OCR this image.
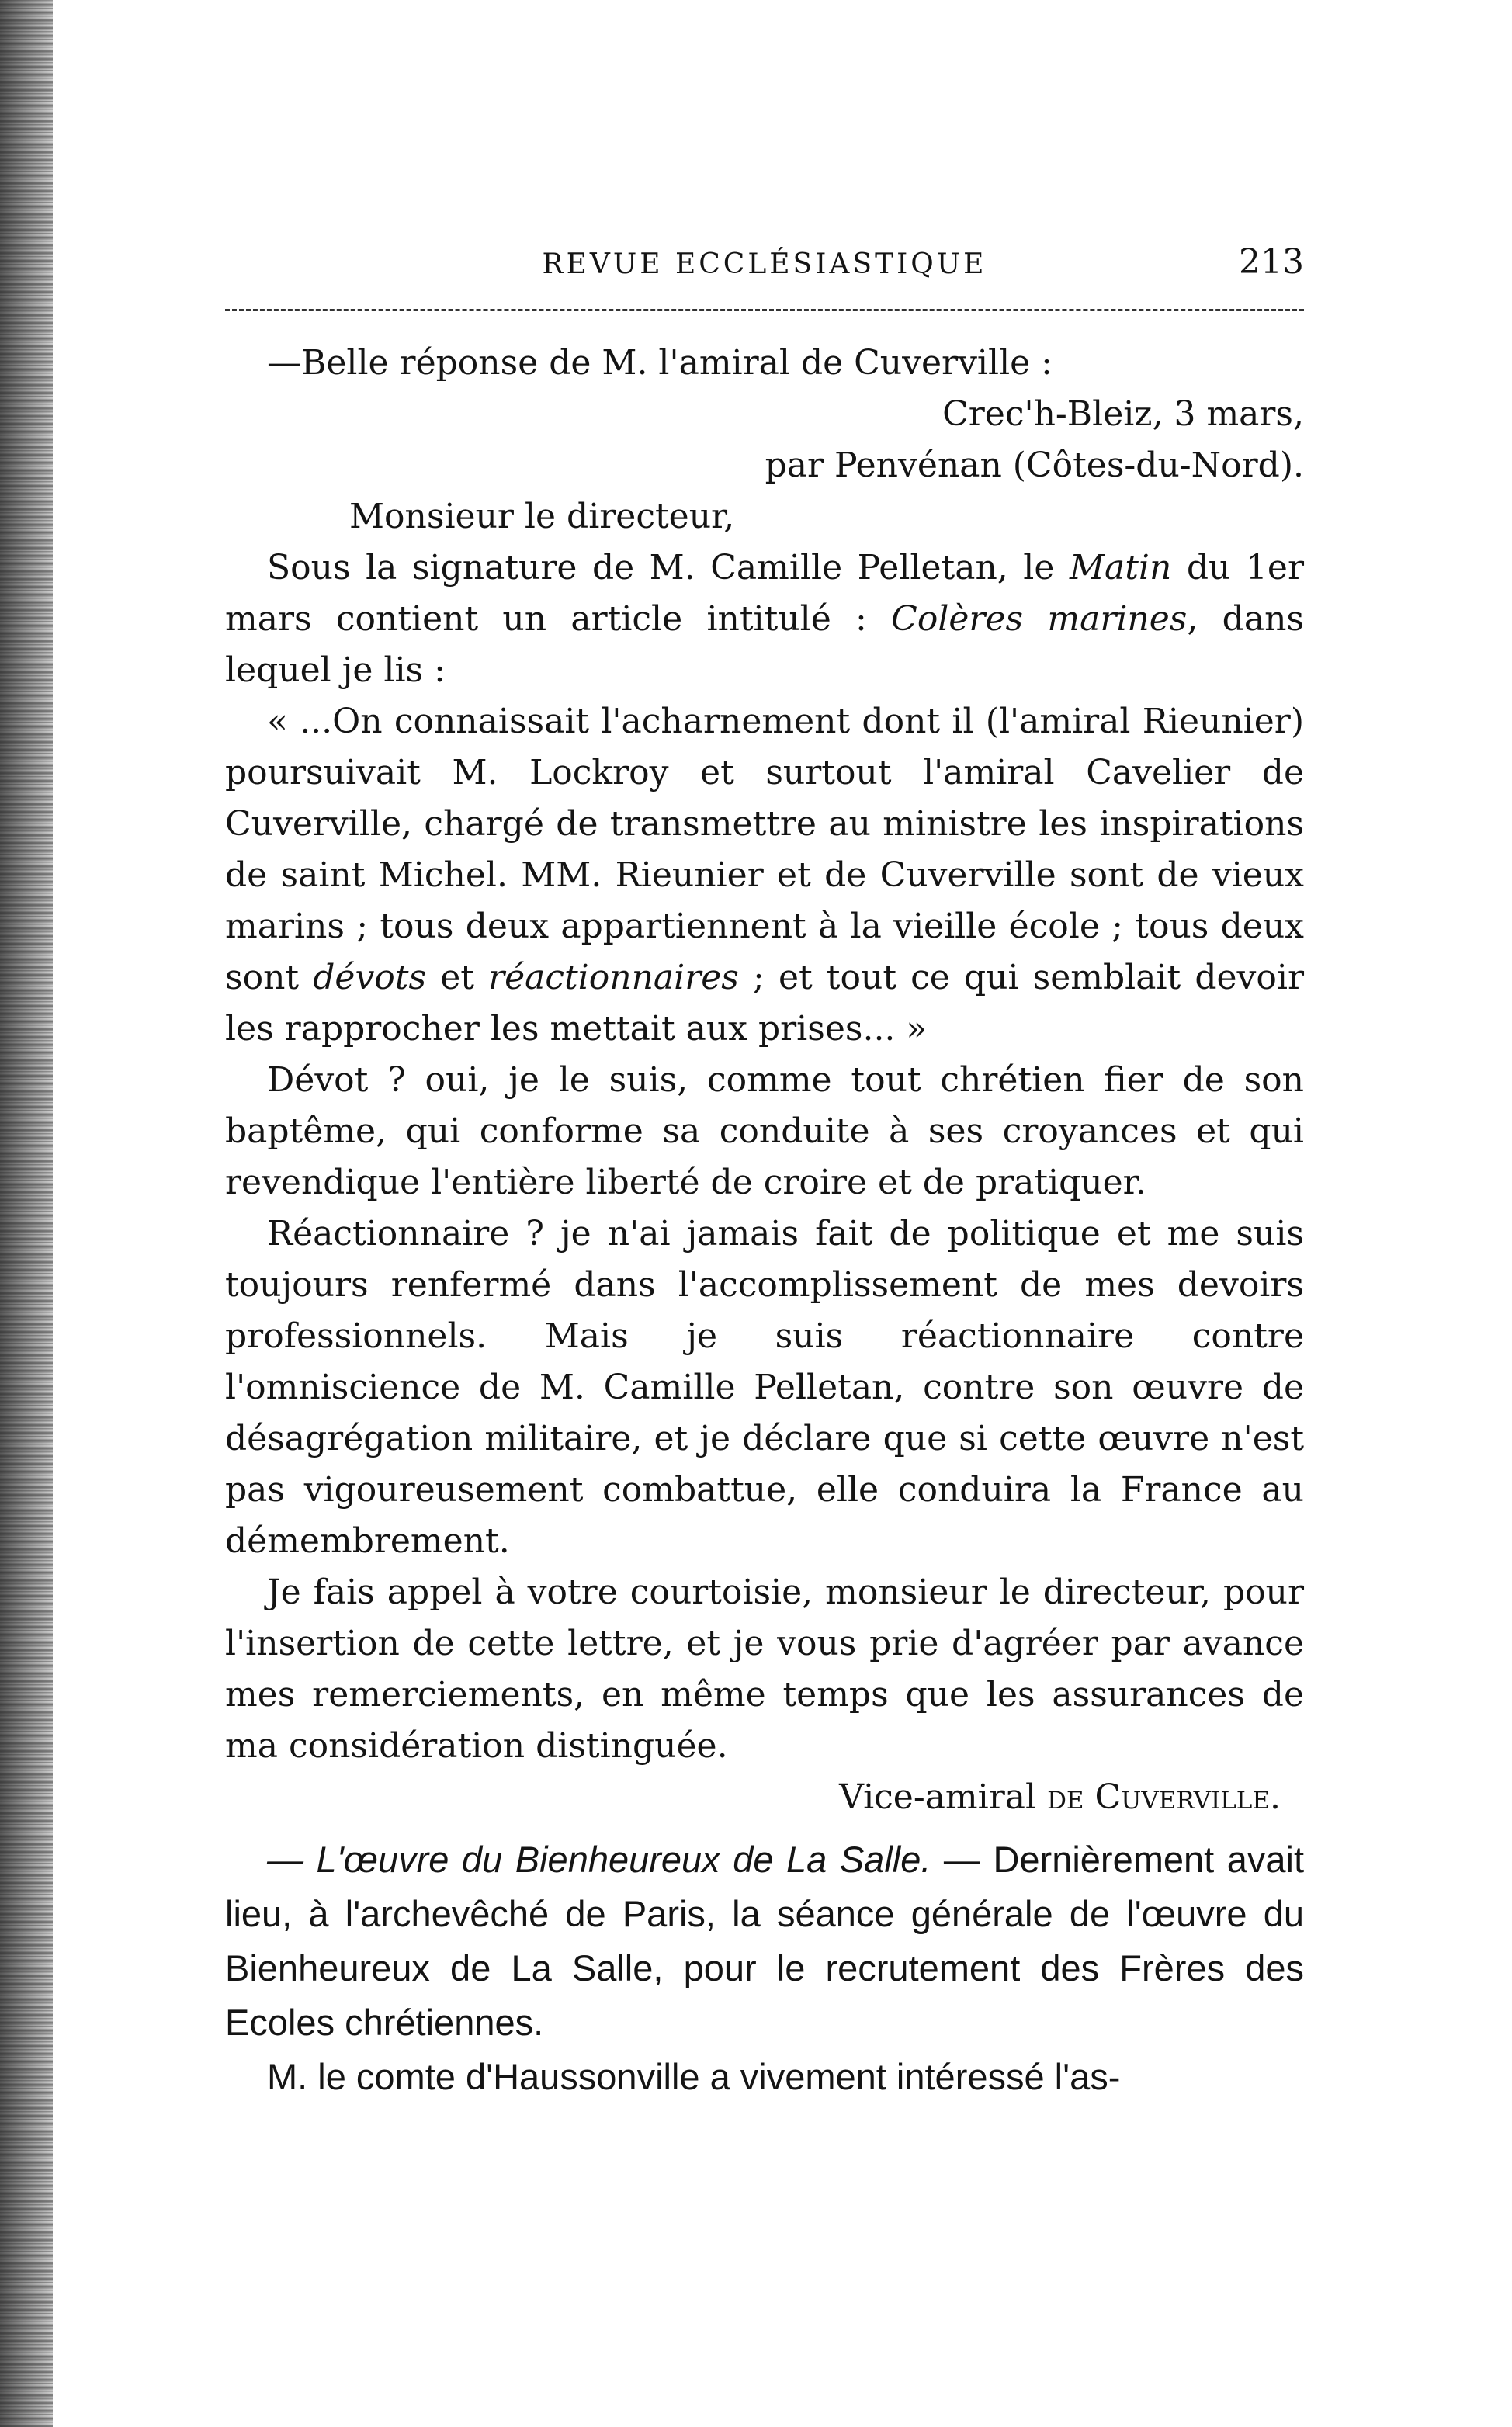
REVUE ECCLÉSIASTIQUE	213

—Belle réponse de M. l'amiral de Cuverville :

Crec'h-Bleiz, 3 mars,

par Penvénan (Côtes-du-Nord).

Monsieur le directeur,

Sous la signature de M. Camille Pelletan, le Matin du 1er mars contient un article intitulé : Colères marines, dans lequel je lis :

« ...On connaissait l'acharnement dont il (l'amiral Rieunier) poursuivait M. Lockroy et surtout l'amiral Cavelier de Cuverville, chargé de transmettre au ministre les inspirations de saint Michel. MM. Rieunier et de Cuverville sont de vieux marins ; tous deux appartiennent à la vieille école ; tous deux sont dévots et réactionnaires ; et tout ce qui semblait devoir les rapprocher les mettait aux prises... »

Dévot ? oui, je le suis, comme tout chrétien fier de son baptême, qui conforme sa conduite à ses croyances et qui revendique l'entière liberté de croire et de pratiquer.

Réactionnaire ? je n'ai jamais fait de politique et me suis toujours renfermé dans l'accomplissement de mes devoirs professionnels. Mais je suis réactionnaire contre l'omniscience de M. Camille Pelletan, contre son œuvre de désagrégation militaire, et je déclare que si cette œuvre n'est pas vigoureusement combattue, elle conduira la France au démembrement.

Je fais appel à votre courtoisie, monsieur le directeur, pour l'insertion de cette lettre, et je vous prie d'agréer par avance mes remerciements, en même temps que les assurances de ma considération distinguée.

Vice-amiral de Cuverville.

— L'œuvre du Bienheureux de La Salle. — Dernièrement avait lieu, à l'archevêché de Paris, la séance générale de l'œuvre du Bienheureux de La Salle, pour le recrutement des Frères des Ecoles chrétiennes.

M. le comte d'Haussonville a vivement intéressé l'as-
